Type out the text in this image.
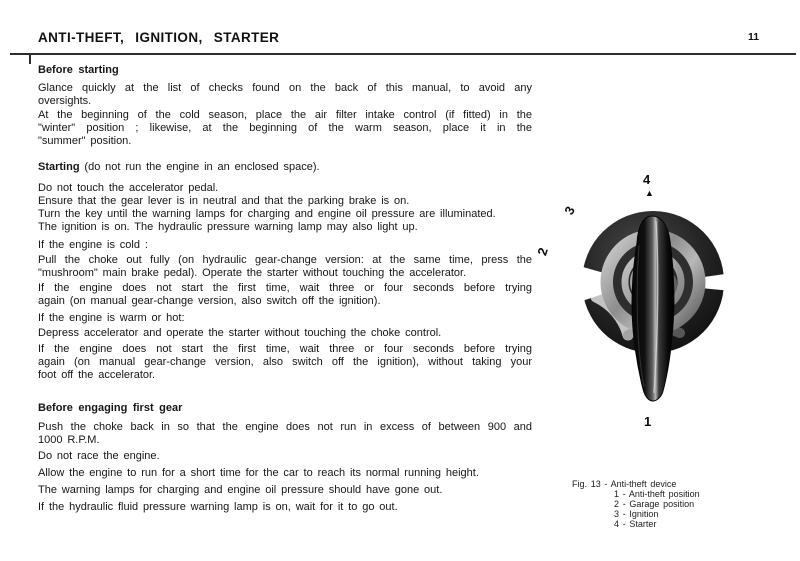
ANTI-THEFT, IGNITION, STARTER	11
Before starting
Glance quickly at the list of checks found on the back of this manual, to avoid any
oversights.
At the beginning of the cold season, place the air filter intake control (if fitted) in the
"winter" position ; likewise, at the beginning of the warm season, place it in the
"summer" position.
Starting (do not run the engine in an enclosed space).
Do not touch the accelerator pedal.
Ensure that the gear lever is in neutral and that the parking brake is on.
Turn the key until the warning lamps for charging and engine oil pressure are illuminated.
The ignition is on. The hydraulic pressure warning lamp may also light up.
If the engine is cold :
Pull the choke out fully (on hydraulic gear-change version: at the same time, press the
"mushroom" main brake pedal). Operate the starter without touching the accelerator.
If the engine does not start the first time, wait three or four seconds before trying
again (on manual gear-change version, also switch off the ignition).
If the engine is warm or hot:
Depress accelerator and operate the starter without touching the choke control.
If the engine does not start the first time, wait three or four seconds before trying
again (on manual gear-change version, also switch off the ignition), without taking your
foot off the accelerator.
Before engaging first gear
Push the choke back in so that the engine does not run in excess of between 900 and
1000 R.P.M.
Do not race the engine.
Allow the engine to run for a short time for the car to reach its normal running height.
The warning lamps for charging and engine oil pressure should have gone out.
If the hydraulic fluid pressure warning lamp is on, wait for it to go out.
4
▲
3
2
1
Fig. 13 - Anti-theft device
1 - Anti-theft position
2 - Garage position
3 - Ignition
4 - Starter
